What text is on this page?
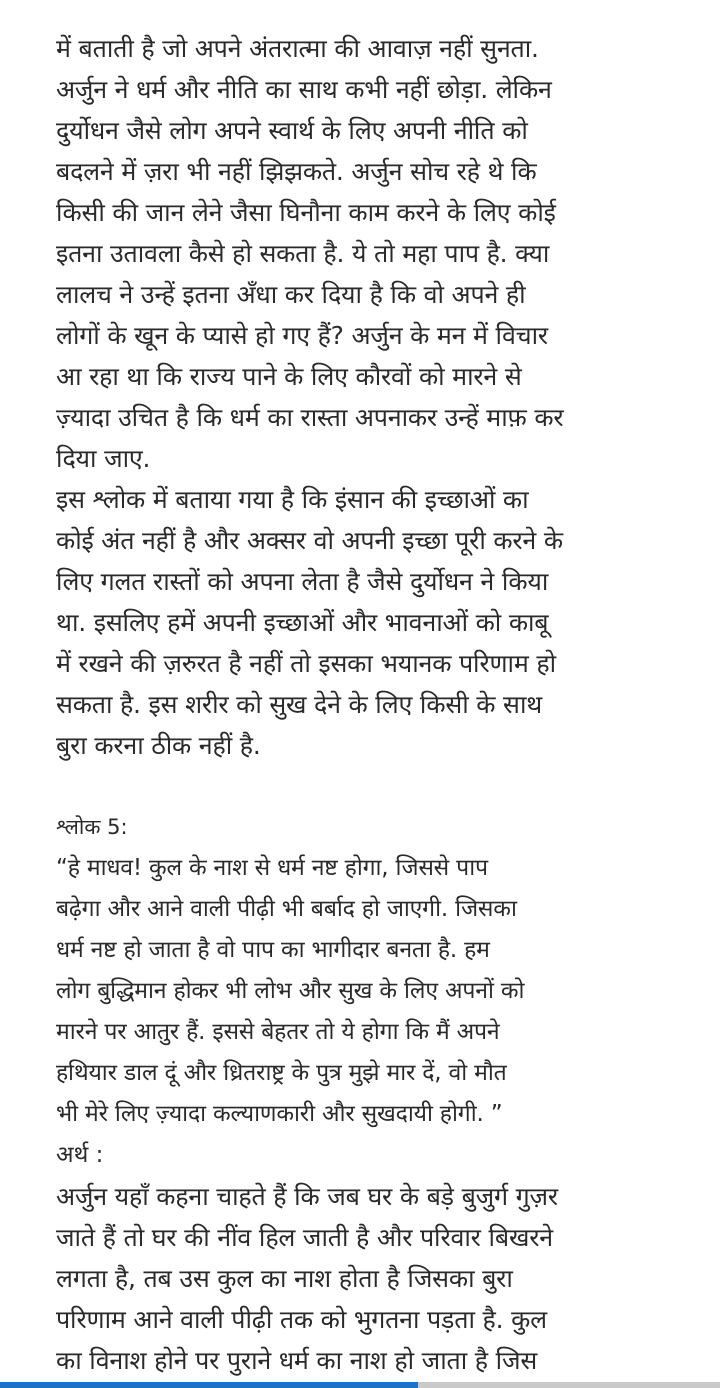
में बताती है जो अपने अंतरात्मा की आवाज़ नहीं सुनता.
अर्जुन ने धर्म और नीति का साथ कभी नहीं छोड़ा. लेकिन
दुर्योधन जैसे लोग अपने स्वार्थ के लिए अपनी नीति को
बदलने में ज़रा भी नहीं झिझकते. अर्जुन सोच रहे थे कि
किसी की जान लेने जैसा घिनौना काम करने के लिए कोई
इतना उतावला कैसे हो सकता है. ये तो महा पाप है. क्या
लालच ने उन्हें इतना अँधा कर दिया है कि वो अपने ही
लोगों के खून के प्यासे हो गए हैं? अर्जुन के मन में विचार
आ रहा था कि राज्य पाने के लिए कौरवों को मारने से
ज़्यादा उचित है कि धर्म का रास्ता अपनाकर उन्हें माफ़ कर
दिया जाए.
इस श्लोक में बताया गया है कि इंसान की इच्छाओं का
कोई अंत नहीं है और अक्सर वो अपनी इच्छा पूरी करने के
लिए गलत रास्तों को अपना लेता है जैसे दुर्योधन ने किया
था. इसलिए हमें अपनी इच्छाओं और भावनाओं को काबू
में रखने की ज़रुरत है नहीं तो इसका भयानक परिणाम हो
सकता है. इस शरीर को सुख देने के लिए किसी के साथ
बुरा करना ठीक नहीं है.
श्लोक 5:
“हे माधव! कुल के नाश से धर्म नष्ट होगा, जिससे पाप
बढ़ेगा और आने वाली पीढ़ी भी बर्बाद हो जाएगी. जिसका
धर्म नष्ट हो जाता है वो पाप का भागीदार बनता है. हम
लोग बुद्धिमान होकर भी लोभ और सुख के लिए अपनों को
मारने पर आतुर हैं. इससे बेहतर तो ये होगा कि मैं अपने
हथियार डाल दूं और ध्रितराष्ट्र के पुत्र मुझे मार दें, वो मौत
भी मेरे लिए ज़्यादा कल्याणकारी और सुखदायी होगी. ”
अर्थ :
अर्जुन यहाँ कहना चाहते हैं कि जब घर के बड़े बुजुर्ग गुज़र
जाते हैं तो घर की नींव हिल जाती है और परिवार बिखरने
लगता है, तब उस कुल का नाश होता है जिसका बुरा
परिणाम आने वाली पीढ़ी तक को भुगतना पड़ता है. कुल
का विनाश होने पर पुराने धर्म का नाश हो जाता है जिस
